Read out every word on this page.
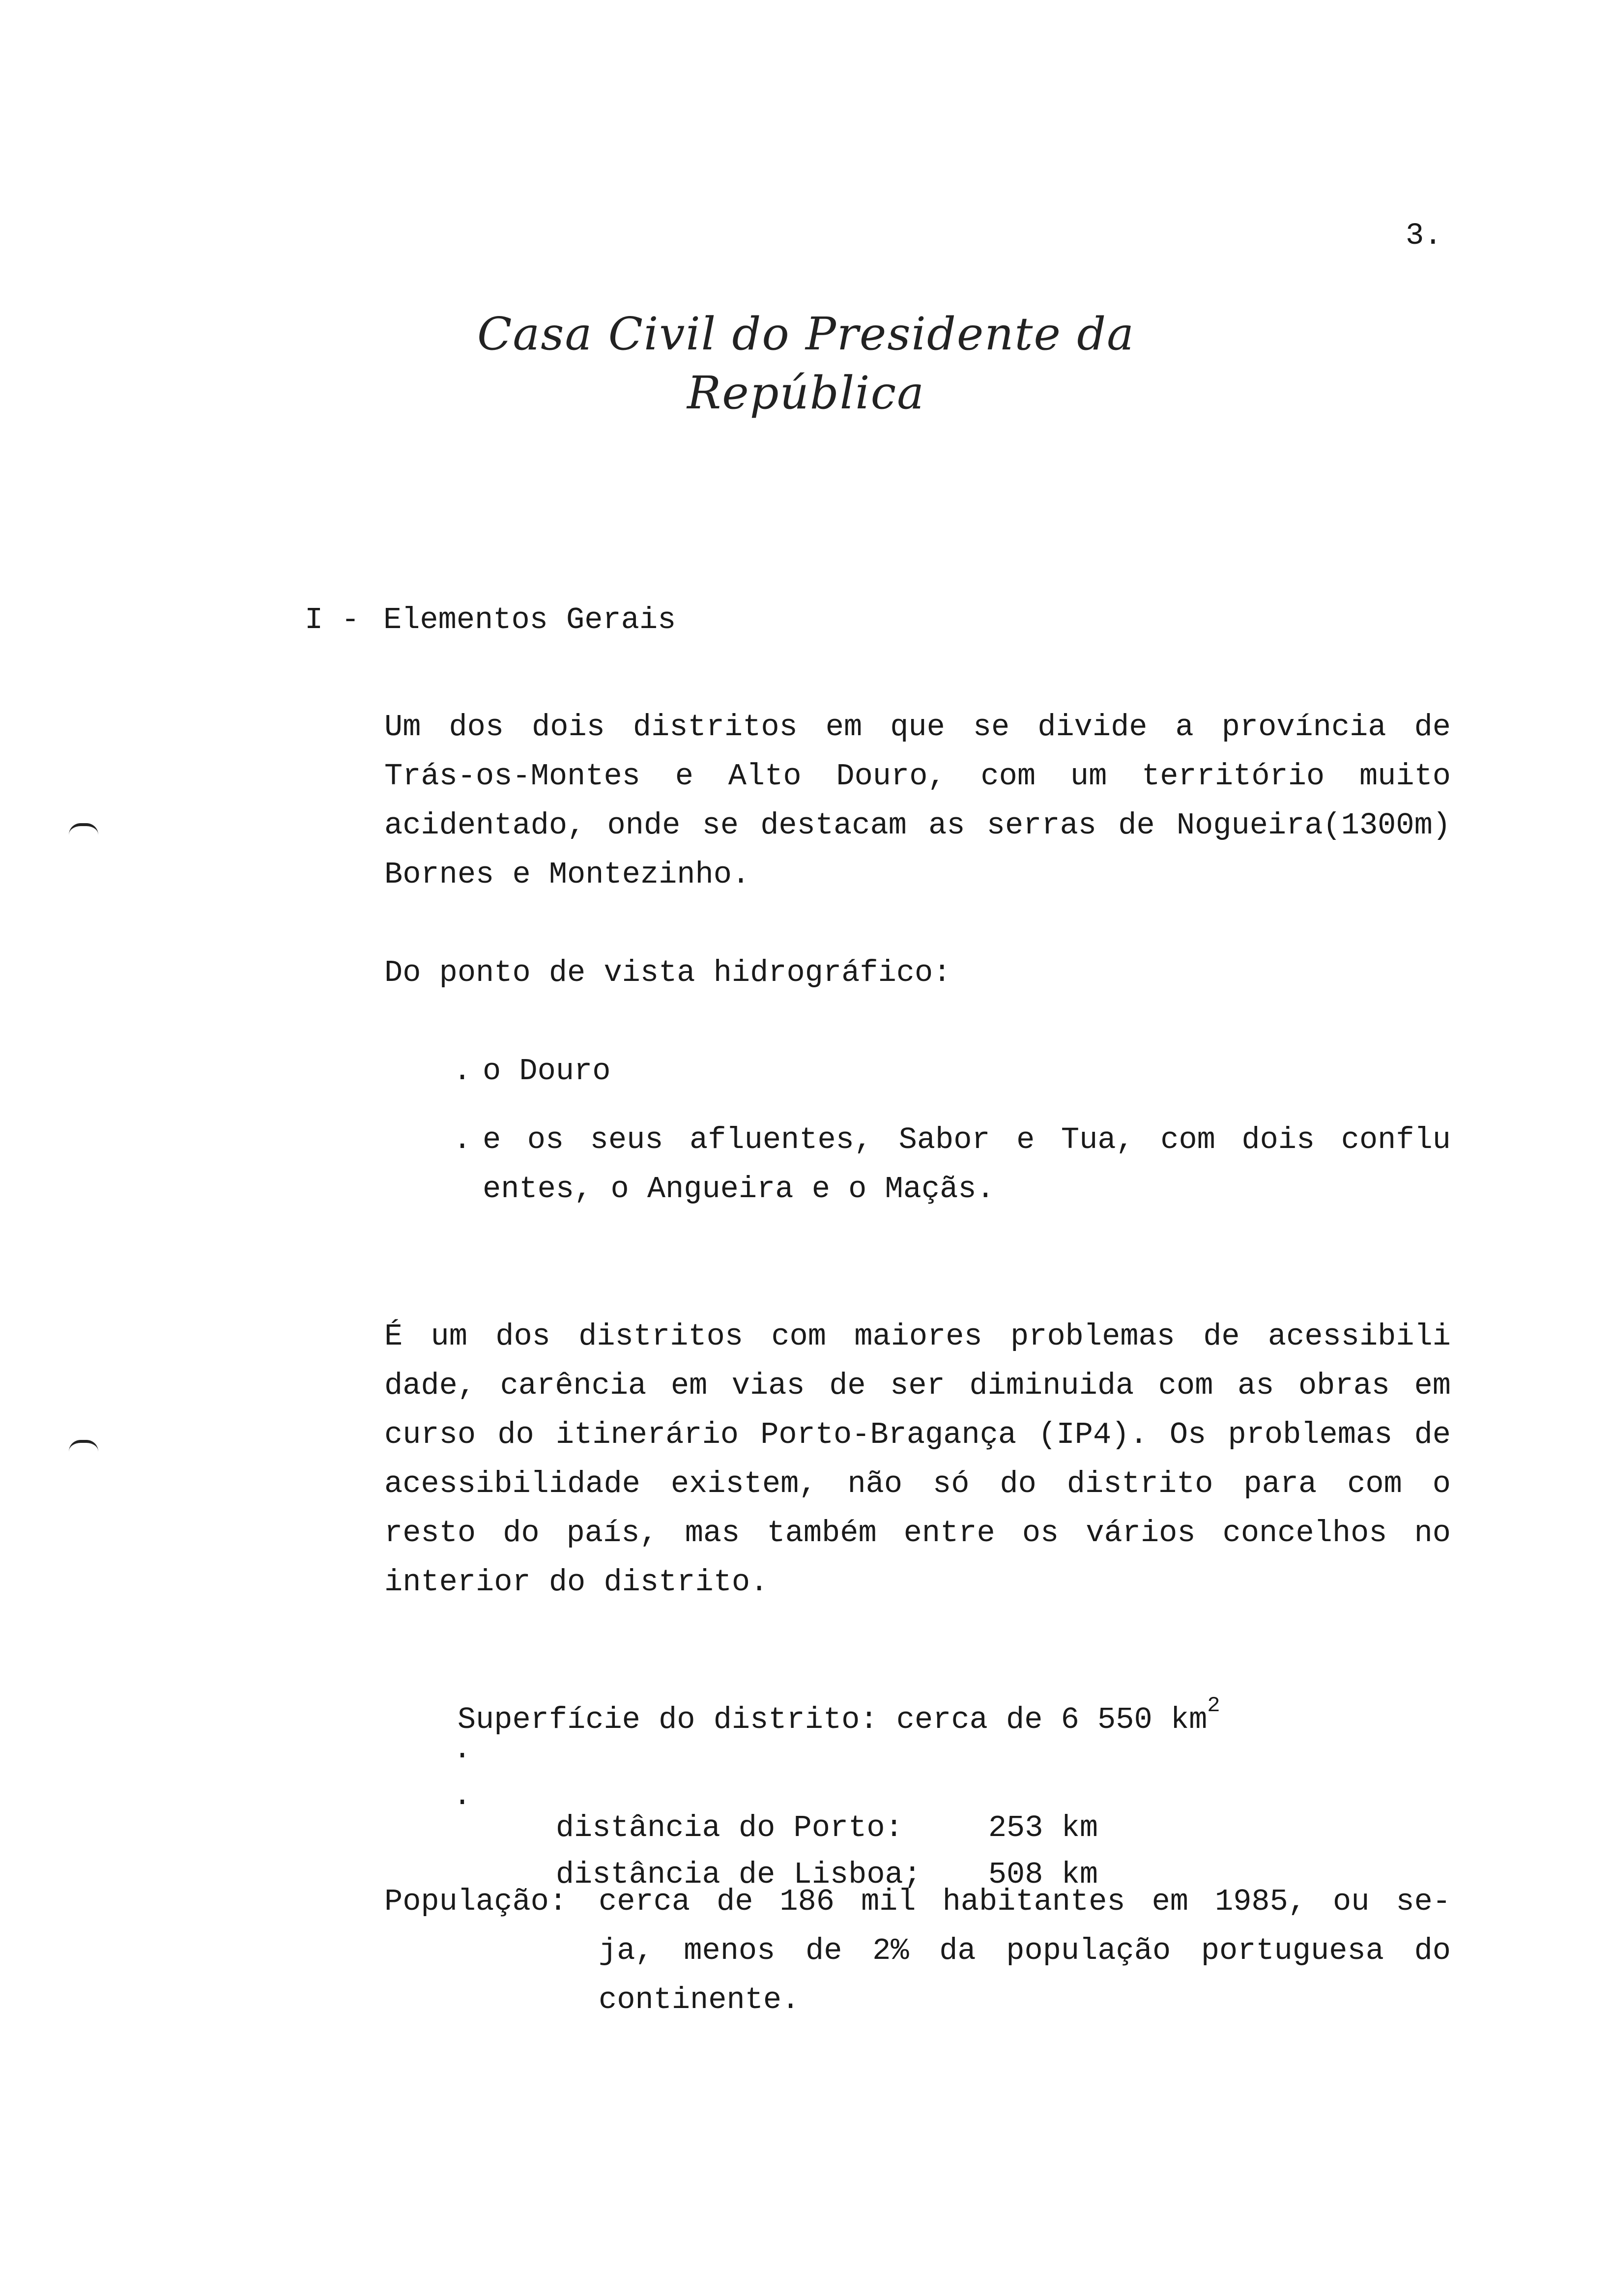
3.
Casa Civil do Presidente da República
I - Elementos Gerais
Um dos dois distritos em que se divide a província de Trás-os-Montes e Alto Douro, com um território muito acidentado, onde se destacam as serras de Nogueira(1300m) Bornes e Montezinho.
Do ponto de vista hidrográfico:
. o Douro
. e os seus afluentes, Sabor e Tua, com dois conflu entes, o Angueira e o Maçãs.
É um dos distritos com maiores problemas de acessibili dade, carência em vias de ser diminuida com as obras em curso do itinerário Porto-Bragança (IP4). Os problemas de acessibilidade existem, não só do distrito para com o resto do país, mas também entre os vários concelhos no interior do distrito.

Superfície do distrito: cerca de 6 550 $km^2$

.

distância do Porto:	253 km

.

distância de Lisboa; 508 km

População: cerca de 186 mil habitantes em 1985, ou se- ja, menos de 2% da população portuguesa do continente.
